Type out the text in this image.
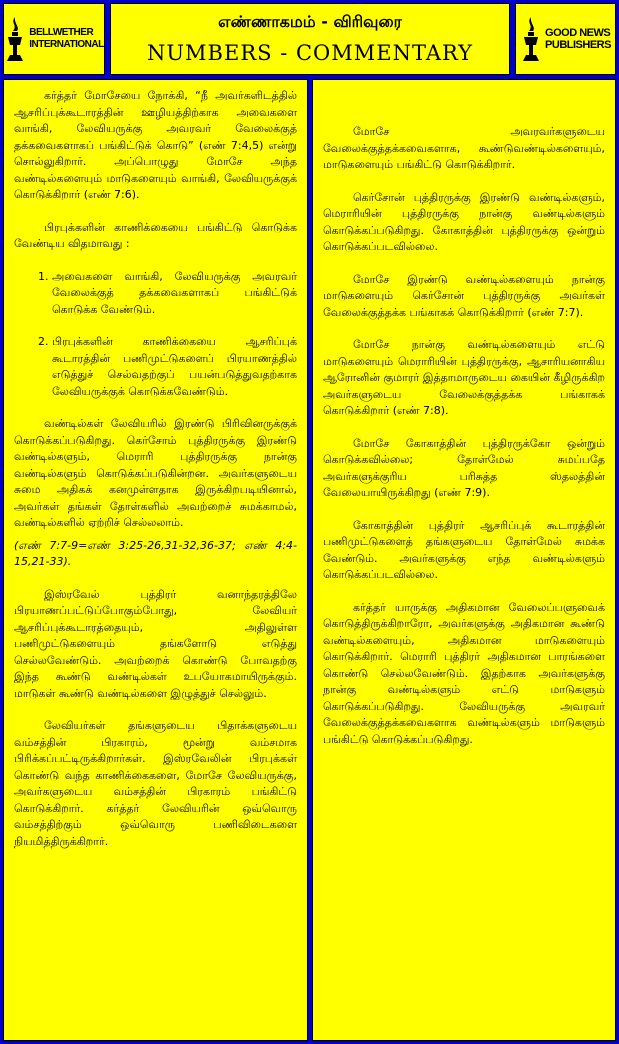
BELLWETHER
INTERNATIONAL
எண்ணாகமம் - விரிவுரை
NUMBERS - COMMENTARY
GOOD NEWS
PUBLISHERS

கர்த்தர் மோசேயை நோக்கி, “நீ அவர்களிடத்தில் ஆசரிப்புக்கூடாரத்தின் ஊழியத்திற்காக அவைகளை வாங்கி, லேவியருக்கு அவரவர் வேலைக்குத் தக்கவைகளாகப் பங்கிட்டுக் கொடு” (எண் 7:4,5) என்று சொல்லுகிறார். அப்பொழுது மோசே அந்த வண்டில்களையும் மாடுகளையும் வாங்கி, லேவியருக்குக் கொடுக்கிறார் (எண் 7:6).

பிரபுக்களின் காணிக்கையை பங்கிட்டு கொடுக்க வேண்டிய விதமாவது :

1. அவைகளை வாங்கி, லேவியருக்கு அவரவர் வேலைக்குத் தக்கவைகளாகப் பங்கிட்டுக் கொடுக்க வேண்டும்.
2. பிரபுக்களின் காணிக்கையை ஆசரிப்புக் கூடாரத்தின் பணிமுட்டுகளைப் பிரயாணத்தில் எடுத்துச் செல்வதற்குப் பயன்படுத்துவதற்காக லேவியருக்குக் கொடுக்கவேண்டும்.

வண்டில்கள் லேவியரில் இரண்டு பிரிவினருக்குக் கொடுக்கப்படுகிறது. கெர்சோம் புத்திரருக்கு இரண்டு வண்டில்களும், மெராரி புத்திரருக்கு நான்கு வண்டில்களும் கொடுக்கப்படுகின்றன. அவர்களுடைய சுமை அதிகக் கனமுள்ளதாக இருக்கிறபடியினால், அவர்கள் தங்கள் தோள்களில் அவற்றைச் சுமக்காமல், வண்டில்களில் ஏற்றிச் செல்லலாம்.

(எண் 7:7-9=எண் 3:25-26,31-32,36-37; எண் 4:4-15,21-33).

இஸ்ரவேல் புத்திரர் வனாந்தரத்திலே பிரயாணப்பட்டுப்போகும்போது, லேவியர் ஆசரிப்புக்கூடாரத்தையும், அதிலுள்ள பணிமுட்டுகளையும் தங்களோடு எடுத்து செல்லவேண்டும். அவற்றைக் கொண்டு போவதற்கு இந்த கூண்டு வண்டில்கள் உபயோகமாயிருக்கும். மாடுகள் கூண்டு வண்டில்களை இழுத்துச் செல்லும்.

லேவியர்கள் தங்களுடைய பிதாக்களுடைய வம்சத்தின் பிரகாரம், மூன்று வம்சமாக பிரிக்கப்பட்டிருக்கிறார்கள். இஸ்ரவேலின் பிரபுக்கள் கொண்டு வந்த காணிக்கைகளை, மோசே லேவியருக்கு, அவர்களுடைய வம்சத்தின் பிரகாரம் பங்கிட்டு கொடுக்கிறார். கர்த்தர் லேவியரின் ஒவ்வொரு வம்சத்திற்கும் ஒவ்வொரு பணிவிடைகளை நியமித்திருக்கிறார்.

மோசே அவரவர்களுடைய வேலைக்குத்தக்கவைகளாக, கூண்டுவண்டில்களையும், மாடுகளையும் பங்கிட்டு கொடுக்கிறார்.

கெர்சோன் புத்திரருக்கு இரண்டு வண்டில்களும், மெராரியின் புத்திரருக்கு நான்கு வண்டில்களும் கொடுக்கப்படுகிறது. கோகாத்தின் புத்திரருக்கு ஒன்றும் கொடுக்கப்படவில்லை.

மோசே இரண்டு வண்டில்களையும் நான்கு மாடுகளையும் கெர்சோன் புத்திரருக்கு அவர்கள் வேலைக்குத்தக்க பங்காகக் கொடுக்கிறார் (எண் 7:7).

மோசே நான்கு வண்டில்களையும் எட்டு மாடுகளையும் மெராரியின் புத்திரருக்கு, ஆசாரியனாகிய ஆரோனின் குமாரர் இத்தாமாருடைய கையின் கீழிருக்கிற அவர்களுடைய வேலைக்குத்தக்க பங்காகக் கொடுக்கிறார் (எண் 7:8).

மோசே கோகாத்தின் புத்திரருக்கோ ஒன்றும் கொடுக்கவில்லை; தோள்மேல் சுமப்பதே அவர்களுக்குரிய பரிசுத்த ஸ்தலத்தின் வேலையாயிருக்கிறது (எண் 7:9).

கோகாத்தின் புத்திரர் ஆசரிப்புக் கூடாரத்தின் பணிமுட்டுகளைத் தங்களுடைய தோள்மேல் சுமக்க வேண்டும். அவர்களுக்கு எந்த வண்டில்களும் கொடுக்கப்படவில்லை.

கர்த்தர் யாருக்கு அதிகமான வேலைப்பளுவைக் கொடுத்திருக்கிறாரோ, அவர்களுக்கு அதிகமான கூண்டு வண்டில்களையும், அதிகமான மாடுகளையும் கொடுக்கிறார். மெராரி புத்திரர் அதிகமான பாரங்களை கொண்டு செல்லவேண்டும். இதற்காக அவர்களுக்கு நான்கு வண்டில்களும் எட்டு மாடுகளும் கொடுக்கப்படுகிறது. லேவியருக்கு அவரவர் வேலைக்குத்தக்கவைகளாக வண்டில்களும் மாடுகளும் பங்கிட்டு கொடுக்கப்படுகிறது.
